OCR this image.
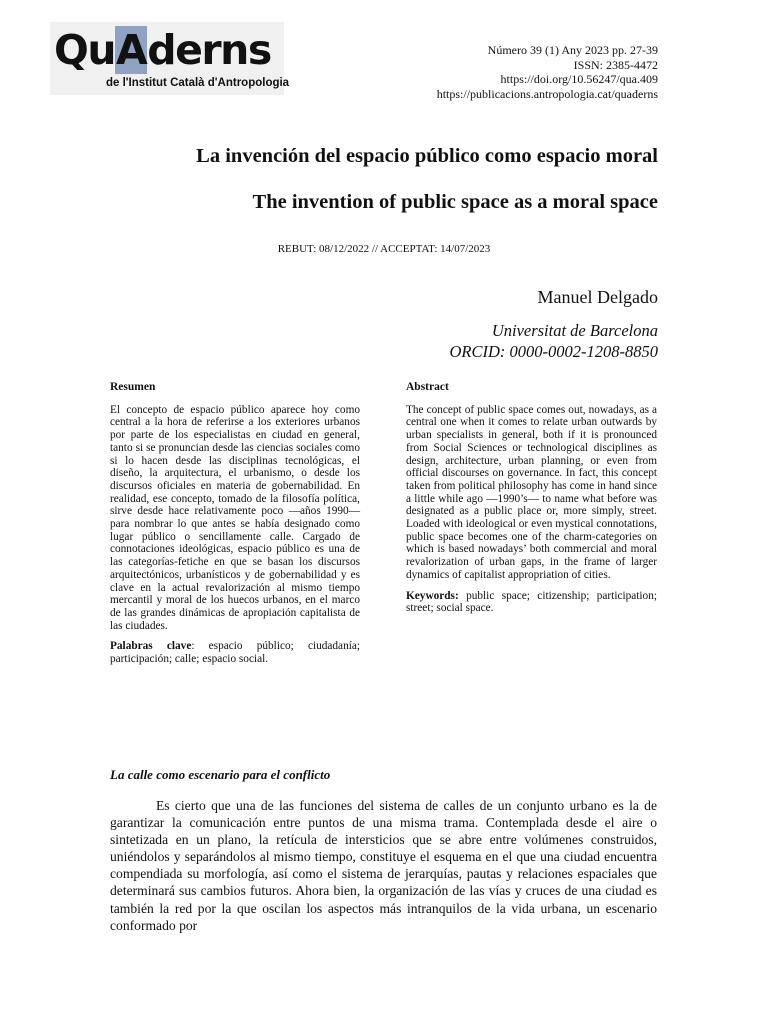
QuAderns
de l'Institut Català d'Antropologia
Número 39 (1) Any 2023 pp. 27-39
ISSN: 2385-4472
https://doi.org/10.56247/qua.409
https://publicacions.antropologia.cat/quaderns
La invención del espacio público como espacio moral
The invention of public space as a moral space
REBUT: 08/12/2022 // ACCEPTAT: 14/07/2023
Manuel Delgado
Universitat de Barcelona
ORCID: 0000-0002-1208-8850
Resumen

El concepto de espacio público aparece hoy como central a la hora de referirse a los exteriores urbanos por parte de los especialistas en ciudad en general, tanto si se pronuncian desde las ciencias sociales como si lo hacen desde las disciplinas tecnológicas, el diseño, la arquitectura, el urbanismo, o desde los discursos oficiales en materia de gobernabilidad. En realidad, ese concepto, tomado de la filosofía política, sirve desde hace relativamente poco —años 1990— para nombrar lo que antes se había designado como lugar público o sencillamente calle. Cargado de connotaciones ideológicas, espacio público es una de las categorías-fetiche en que se basan los discursos arquitectónicos, urbanísticos y de gobernabilidad y es clave en la actual revalorización al mismo tiempo mercantil y moral de los huecos urbanos, en el marco de las grandes dinámicas de apropiación capitalista de las ciudades.

Palabras clave: espacio público; ciudadanía; participación; calle; espacio social.

Abstract

The concept of public space comes out, nowadays, as a central one when it comes to relate urban outwards by urban specialists in general, both if it is pronounced from Social Sciences or technological disciplines as design, architecture, urban planning, or even from official discourses on governance. In fact, this concept taken from political philosophy has come in hand since a little while ago —1990’s— to name what before was designated as a public place or, more simply, street. Loaded with ideological or even mystical connotations, public space becomes one of the charm-categories on which is based nowadays’ both commercial and moral revalorization of urban gaps, in the frame of larger dynamics of capitalist appropriation of cities.

Keywords: public space; citizenship; participation; street; social space.

La calle como escenario para el conflicto

Es cierto que una de las funciones del sistema de calles de un conjunto urbano es la de garantizar la comunicación entre puntos de una misma trama. Contemplada desde el aire o sintetizada en un plano, la retícula de intersticios que se abre entre volúmenes construidos, uniéndolos y separándolos al mismo tiempo, constituye el esquema en el que una ciudad encuentra compendiada su morfología, así como el sistema de jerarquías, pautas y relaciones espaciales que determinará sus cambios futuros. Ahora bien, la organización de las vías y cruces de una ciudad es también la red por la que oscilan los aspectos más intranquilos de la vida urbana, un escenario conformado por
